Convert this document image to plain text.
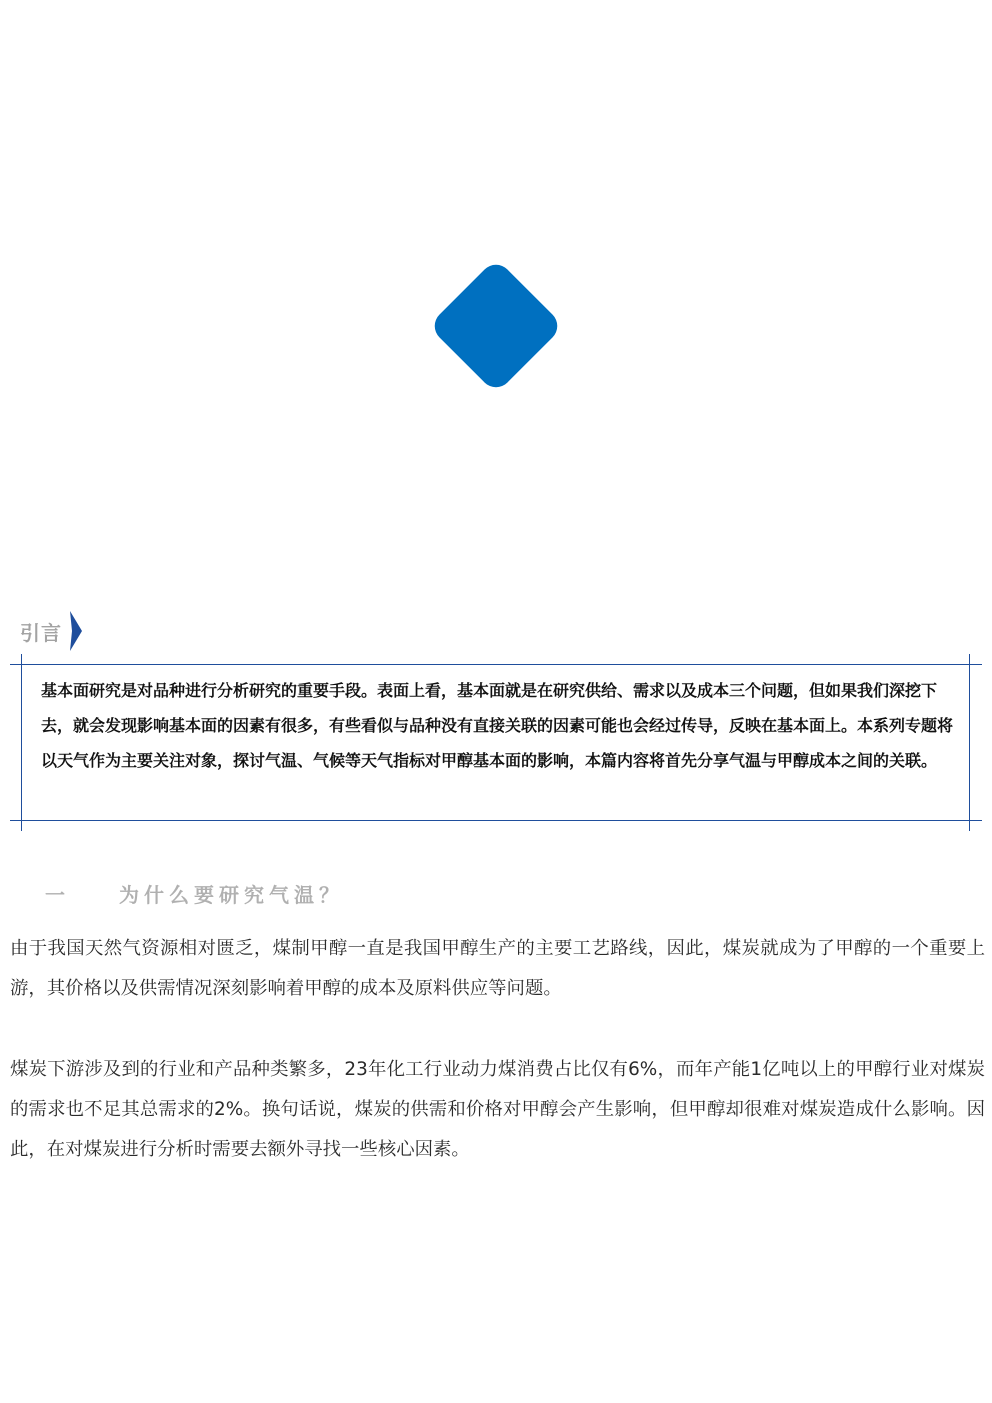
引言

基本面研究是对品种进行分析研究的重要手段。表面上看，基本面就是在研究供给、需求以及成本三个问题，但如果我们深挖下去，就会发现影响基本面的因素有很多，有些看似与品种没有直接关联的因素可能也会经过传导，反映在基本面上。本系列专题将以天气作为主要关注对象，探讨气温、气候等天气指标对甲醇基本面的影响，本篇内容将首先分享气温与甲醇成本之间的关联。

一	为什么要研究气温？

由于我国天然气资源相对匮乏，煤制甲醇一直是我国甲醇生产的主要工艺路线，因此，煤炭就成为了甲醇的一个重要上游，其价格以及供需情况深刻影响着甲醇的成本及原料供应等问题。

煤炭下游涉及到的行业和产品种类繁多，23年化工行业动力煤消费占比仅有6%，而年产能1亿吨以上的甲醇行业对煤炭的需求也不足其总需求的2%。换句话说，煤炭的供需和价格对甲醇会产生影响，但甲醇却很难对煤炭造成什么影响。因此，在对煤炭进行分析时需要去额外寻找一些核心因素。
